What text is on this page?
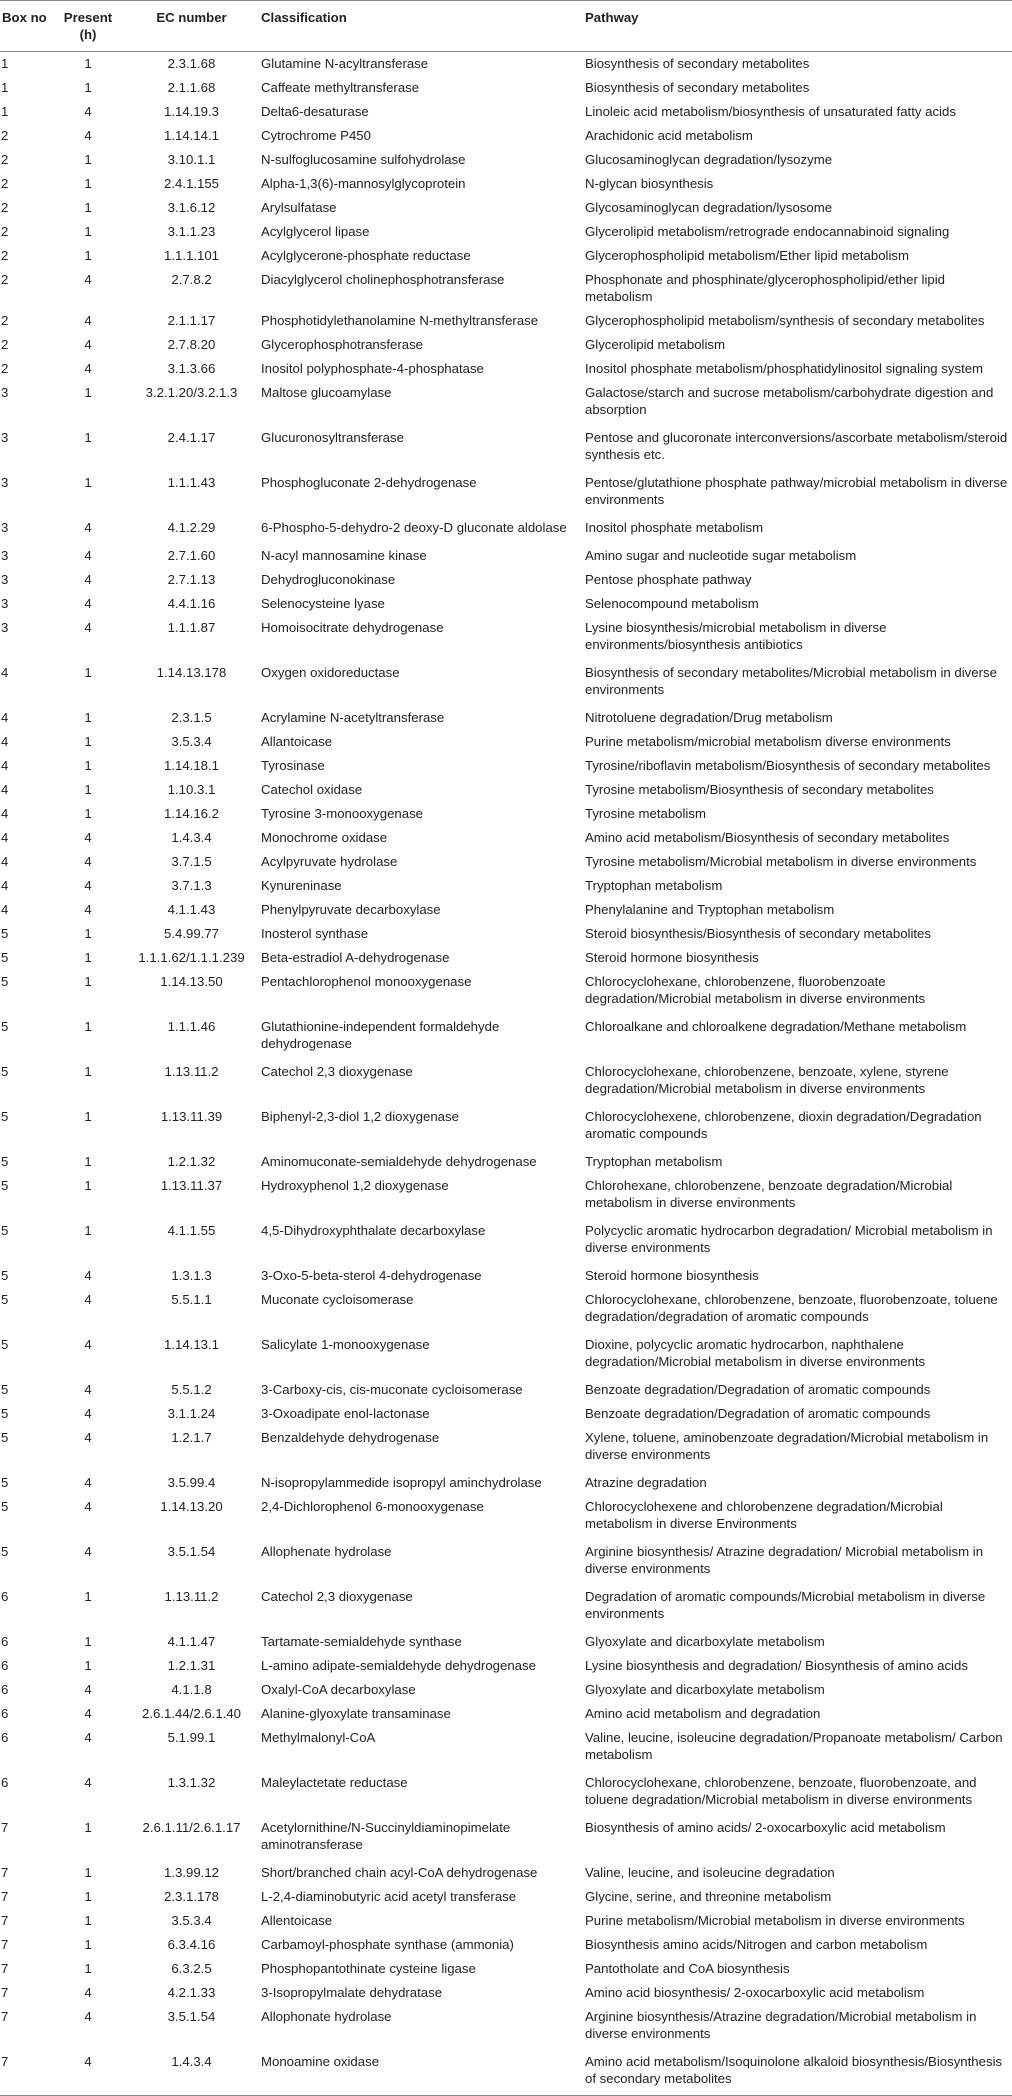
Box no	Present (h)	EC number	Classification	Pathway
1	1	2.3.1.68	Glutamine N-acyltransferase	Biosynthesis of secondary metabolites
1	1	2.1.1.68	Caffeate methyltransferase	Biosynthesis of secondary metabolites
1	4	1.14.19.3	Delta6-desaturase	Linoleic acid metabolism/biosynthesis of unsaturated fatty acids
2	4	1.14.14.1	Cytrochrome P450	Arachidonic acid metabolism
2	1	3.10.1.1	N-sulfoglucosamine sulfohydrolase	Glucosaminoglycan degradation/lysozyme
2	1	2.4.1.155	Alpha-1,3(6)-mannosylglycoprotein	N-glycan biosynthesis
2	1	3.1.6.12	Arylsulfatase	Glycosaminoglycan degradation/lysosome
2	1	3.1.1.23	Acylglycerol lipase	Glycerolipid metabolism/retrograde endocannabinoid signaling
2	1	1.1.1.101	Acylglycerone-phosphate reductase	Glycerophospholipid metabolism/Ether lipid metabolism
2	4	2.7.8.2	Diacylglycerol cholinephosphotransferase	Phosphonate and phosphinate/glycerophospholipid/ether lipid metabolism
2	4	2.1.1.17	Phosphotidylethanolamine N-methyltransferase	Glycerophospholipid metabolism/synthesis of secondary metabolites
2	4	2.7.8.20	Glycerophosphotransferase	Glycerolipid metabolism
2	4	3.1.3.66	Inositol polyphosphate-4-phosphatase	Inositol phosphate metabolism/phosphatidylinositol signaling system
3	1	3.2.1.20/3.2.1.3	Maltose glucoamylase	Galactose/starch and sucrose metabolism/carbohydrate digestion and absorption
3	1	2.4.1.17	Glucuronosyltransferase	Pentose and glucoronate interconversions/ascorbate metabolism/steroid synthesis etc.
3	1	1.1.1.43	Phosphogluconate 2-dehydrogenase	Pentose/glutathione phosphate pathway/microbial metabolism in diverse environments
3	4	4.1.2.29	6-Phospho-5-dehydro-2 deoxy-D gluconate aldolase	Inositol phosphate metabolism
3	4	2.7.1.60	N-acyl mannosamine kinase	Amino sugar and nucleotide sugar metabolism
3	4	2.7.1.13	Dehydrogluconokinase	Pentose phosphate pathway
3	4	4.4.1.16	Selenocysteine lyase	Selenocompound metabolism
3	4	1.1.1.87	Homoisocitrate dehydrogenase	Lysine biosynthesis/microbial metabolism in diverse environments/biosynthesis antibiotics
4	1	1.14.13.178	Oxygen oxidoreductase	Biosynthesis of secondary metabolites/Microbial metabolism in diverse environments
4	1	2.3.1.5	Acrylamine N-acetyltransferase	Nitrotoluene degradation/Drug metabolism
4	1	3.5.3.4	Allantoicase	Purine metabolism/microbial metabolism diverse environments
4	1	1.14.18.1	Tyrosinase	Tyrosine/riboflavin metabolism/Biosynthesis of secondary metabolites
4	1	1.10.3.1	Catechol oxidase	Tyrosine metabolism/Biosynthesis of secondary metabolites
4	1	1.14.16.2	Tyrosine 3-monooxygenase	Tyrosine metabolism
4	4	1.4.3.4	Monochrome oxidase	Amino acid metabolism/Biosynthesis of secondary metabolites
4	4	3.7.1.5	Acylpyruvate hydrolase	Tyrosine metabolism/Microbial metabolism in diverse environments
4	4	3.7.1.3	Kynureninase	Tryptophan metabolism
4	4	4.1.1.43	Phenylpyruvate decarboxylase	Phenylalanine and Tryptophan metabolism
5	1	5.4.99.77	Inosterol synthase	Steroid biosynthesis/Biosynthesis of secondary metabolites
5	1	1.1.1.62/1.1.1.239	Beta-estradiol A-dehydrogenase	Steroid hormone biosynthesis
5	1	1.14.13.50	Pentachlorophenol monooxygenase	Chlorocyclohexane, chlorobenzene, fluorobenzoate degradation/Microbial metabolism in diverse environments
5	1	1.1.1.46	Glutathionine-independent formaldehyde dehydrogenase	Chloroalkane and chloroalkene degradation/Methane metabolism
5	1	1.13.11.2	Catechol 2,3 dioxygenase	Chlorocyclohexane, chlorobenzene, benzoate, xylene, styrene degradation/Microbial metabolism in diverse environments
5	1	1.13.11.39	Biphenyl-2,3-diol 1,2 dioxygenase	Chlorocyclohexene, chlorobenzene, dioxin degradation/Degradation aromatic compounds
5	1	1.2.1.32	Aminomuconate-semialdehyde dehydrogenase	Tryptophan metabolism
5	1	1.13.11.37	Hydroxyphenol 1,2 dioxygenase	Chlorohexane, chlorobenzene, benzoate degradation/Microbial metabolism in diverse environments
5	1	4.1.1.55	4,5-Dihydroxyphthalate decarboxylase	Polycyclic aromatic hydrocarbon degradation/ Microbial metabolism in diverse environments
5	4	1.3.1.3	3-Oxo-5-beta-sterol 4-dehydrogenase	Steroid hormone biosynthesis
5	4	5.5.1.1	Muconate cycloisomerase	Chlorocyclohexane, chlorobenzene, benzoate, fluorobenzoate, toluene degradation/degradation of aromatic compounds
5	4	1.14.13.1	Salicylate 1-monooxygenase	Dioxine, polycyclic aromatic hydrocarbon, naphthalene degradation/Microbial metabolism in diverse environments
5	4	5.5.1.2	3-Carboxy-cis, cis-muconate cycloisomerase	Benzoate degradation/Degradation of aromatic compounds
5	4	3.1.1.24	3-Oxoadipate enol-lactonase	Benzoate degradation/Degradation of aromatic compounds
5	4	1.2.1.7	Benzaldehyde dehydrogenase	Xylene, toluene, aminobenzoate degradation/Microbial metabolism in diverse environments
5	4	3.5.99.4	N-isopropylammedide isopropyl aminchydrolase	Atrazine degradation
5	4	1.14.13.20	2,4-Dichlorophenol 6-monooxygenase	Chlorocyclohexene and chlorobenzene degradation/Microbial metabolism in diverse Environments
5	4	3.5.1.54	Allophenate hydrolase	Arginine biosynthesis/ Atrazine degradation/ Microbial metabolism in diverse environments
6	1	1.13.11.2	Catechol 2,3 dioxygenase	Degradation of aromatic compounds/Microbial metabolism in diverse environments
6	1	4.1.1.47	Tartamate-semialdehyde synthase	Glyoxylate and dicarboxylate metabolism
6	1	1.2.1.31	L-amino adipate-semialdehyde dehydrogenase	Lysine biosynthesis and degradation/ Biosynthesis of amino acids
6	4	4.1.1.8	Oxalyl-CoA decarboxylase	Glyoxylate and dicarboxylate metabolism
6	4	2.6.1.44/2.6.1.40	Alanine-glyoxylate transaminase	Amino acid metabolism and degradation
6	4	5.1.99.1	Methylmalonyl-CoA	Valine, leucine, isoleucine degradation/Propanoate metabolism/ Carbon metabolism
6	4	1.3.1.32	Maleylactetate reductase	Chlorocyclohexane, chlorobenzene, benzoate, fluorobenzoate, and toluene degradation/Microbial metabolism in diverse environments
7	1	2.6.1.11/2.6.1.17	Acetylornithine/N-Succinyldiaminopimelate aminotransferase	Biosynthesis of amino acids/ 2-oxocarboxylic acid metabolism
7	1	1.3.99.12	Short/branched chain acyl-CoA dehydrogenase	Valine, leucine, and isoleucine degradation
7	1	2.3.1.178	L-2,4-diaminobutyric acid acetyl transferase	Glycine, serine, and threonine metabolism
7	1	3.5.3.4	Allentoicase	Purine metabolism/Microbial metabolism in diverse environments
7	1	6.3.4.16	Carbamoyl-phosphate synthase (ammonia)	Biosynthesis amino acids/Nitrogen and carbon metabolism
7	1	6.3.2.5	Phosphopantothinate cysteine ligase	Pantotholate and CoA biosynthesis
7	4	4.2.1.33	3-Isopropylmalate dehydratase	Amino acid biosynthesis/ 2-oxocarboxylic acid metabolism
7	4	3.5.1.54	Allophonate hydrolase	Arginine biosynthesis/Atrazine degradation/Microbial metabolism in diverse environments
7	4	1.4.3.4	Monoamine oxidase	Amino acid metabolism/Isoquinolone alkaloid biosynthesis/Biosynthesis of secondary metabolites
